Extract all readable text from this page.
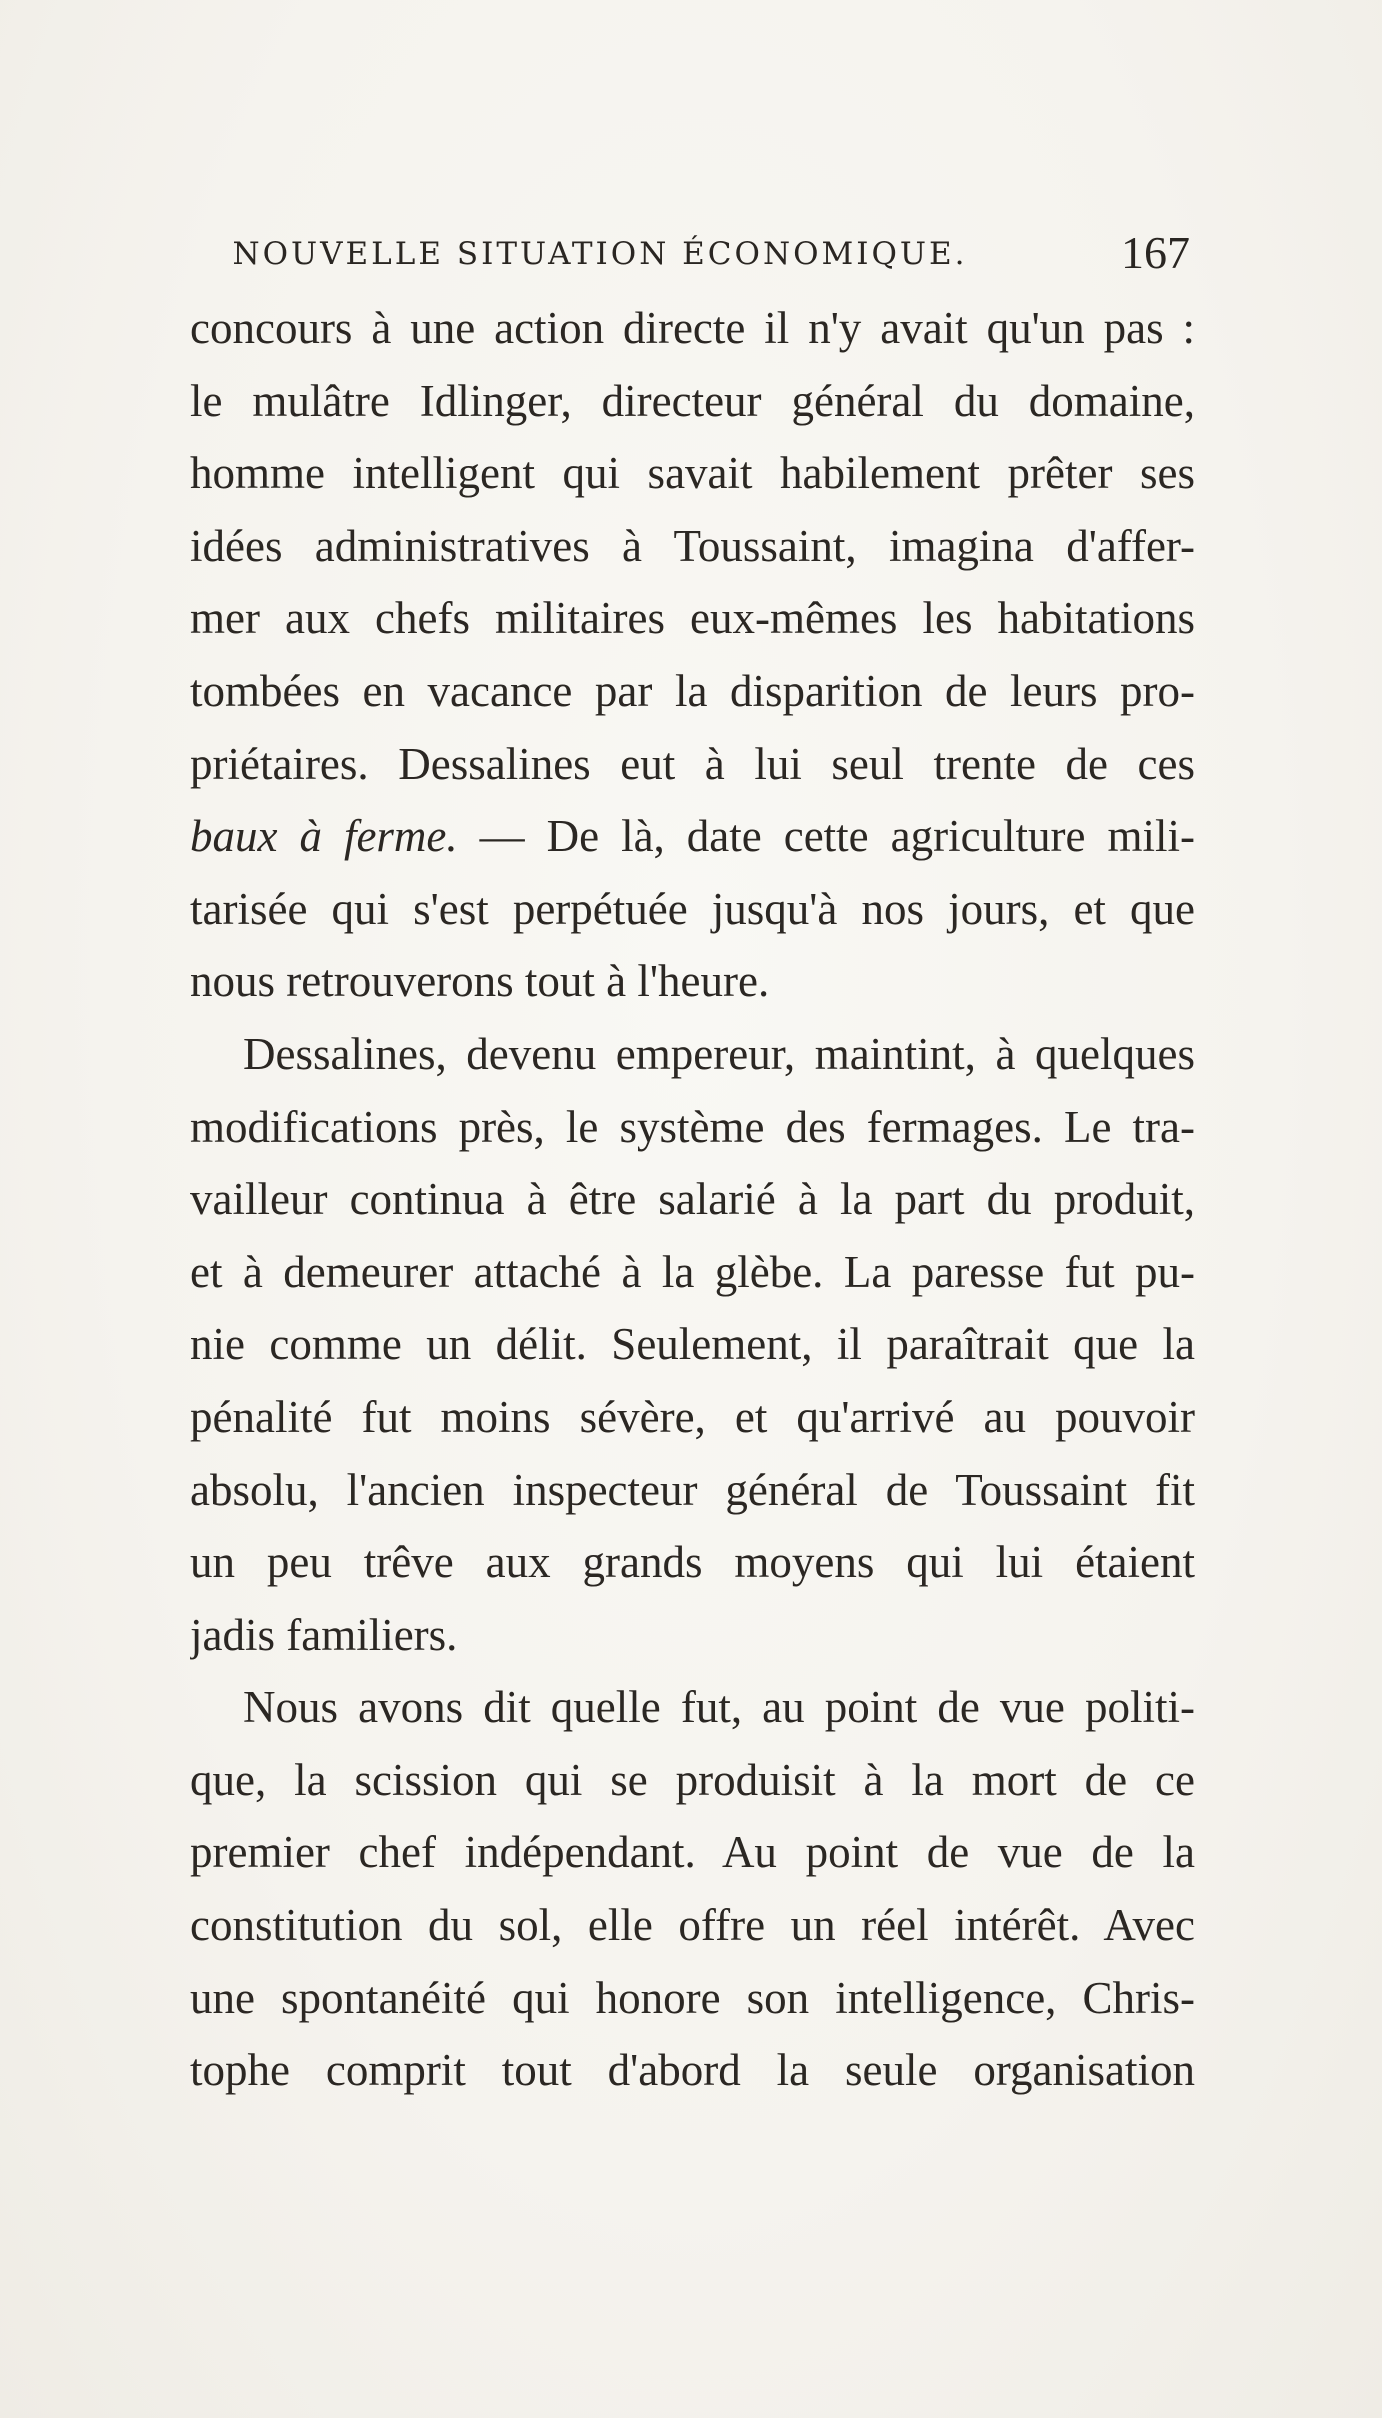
NOUVELLE SITUATION ÉCONOMIQUE.	167
concours à une action directe il n'y avait qu'un pas :
le mulâtre Idlinger, directeur général du domaine,
homme intelligent qui savait habilement prêter ses
idées administratives à Toussaint, imagina d'affer-
mer aux chefs militaires eux-mêmes les habitations
tombées en vacance par la disparition de leurs pro-
priétaires. Dessalines eut à lui seul trente de ces
baux à ferme. — De là, date cette agriculture mili-
tarisée qui s'est perpétuée jusqu'à nos jours, et que
nous retrouverons tout à l'heure.
Dessalines, devenu empereur, maintint, à quelques
modifications près, le système des fermages. Le tra-
vailleur continua à être salarié à la part du produit,
et à demeurer attaché à la glèbe. La paresse fut pu-
nie comme un délit. Seulement, il paraîtrait que la
pénalité fut moins sévère, et qu'arrivé au pouvoir
absolu, l'ancien inspecteur général de Toussaint fit
un peu trêve aux grands moyens qui lui étaient
jadis familiers.
Nous avons dit quelle fut, au point de vue politi-
que, la scission qui se produisit à la mort de ce
premier chef indépendant. Au point de vue de la
constitution du sol, elle offre un réel intérêt. Avec
une spontanéité qui honore son intelligence, Chris-
tophe comprit tout d'abord la seule organisation
